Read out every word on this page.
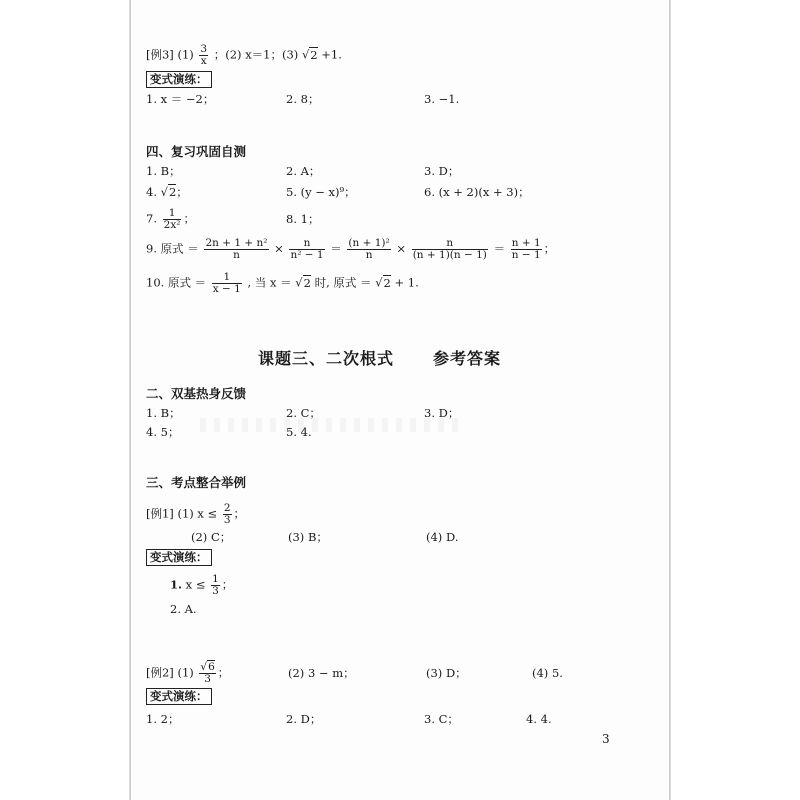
[例3] $(1) \frac{3}{x}$ ；(2) x＝1；(3) √2 +1.
变式演练：
1. x ＝ −2；	2. 8；	3. −1.
四、复习巩固自测
1. B；	2. A；	3. D；
4. √2；	5. (y − x)⁹；	6. (x + 2)(x + 3)；
7. $\frac{1}{\text{2x²}}$ ；	8. 1；
9. 原式 ＝ $\frac{\text{2n + 1 + n²}}{n} \times \frac{n}{\text{n² − 1}} = \frac{\text{(n + 1)²}}{n} \times \frac{n}{(n + 1)(n - 1)} = \frac{n + 1}{n - 1}$ ；
10. 原式 ＝ $\frac{1}{x - 1}$ , 当 x ＝ √2 时, 原式 ＝ √2 + 1.
课题三、二次根式 参考答案
二、双基热身反馈
1. B；	2. C；	3. D；
4. 5；	5. 4.
三、考点整合举例
[例1] (1) $x \le \frac{2}{3}$ ；
(2) C；	(3) B；	(4) D.
变式演练：
1. $x \le \frac{1}{3}$ ；
2. A.
[例2] $(1) \frac{√6}{3}$ ；	(2) 3 − m；	(3) D；	(4) 5.
变式演练：
1. 2；	2. D；	3. C；	4. 4.
3
